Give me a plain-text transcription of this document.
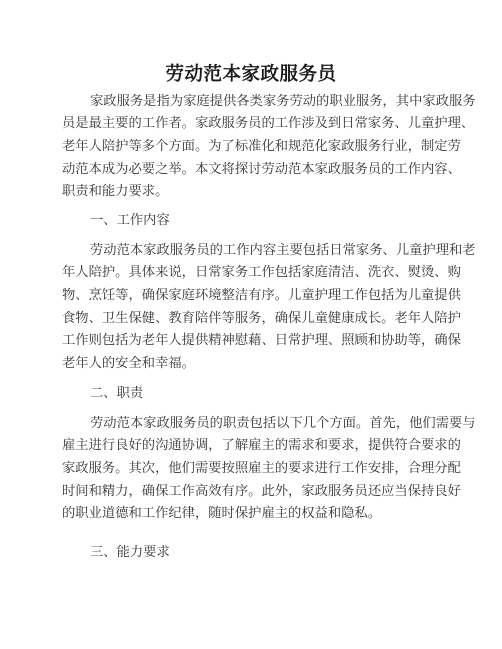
劳动范本家政服务员
家政服务是指为家庭提供各类家务劳动的职业服务，其中家政服务
员是最主要的工作者。家政服务员的工作涉及到日常家务、儿童护理、
老年人陪护等多个方面。为了标准化和规范化家政服务行业，制定劳
动范本成为必要之举。本文将探讨劳动范本家政服务员的工作内容、
职责和能力要求。
一、工作内容
劳动范本家政服务员的工作内容主要包括日常家务、儿童护理和老
年人陪护。具体来说，日常家务工作包括家庭清洁、洗衣、熨烫、购
物、烹饪等，确保家庭环境整洁有序。儿童护理工作包括为儿童提供
食物、卫生保健、教育陪伴等服务，确保儿童健康成长。老年人陪护
工作则包括为老年人提供精神慰藉、日常护理、照顾和协助等，确保
老年人的安全和幸福。
二、职责
劳动范本家政服务员的职责包括以下几个方面。首先，他们需要与
雇主进行良好的沟通协调，了解雇主的需求和要求，提供符合要求的
家政服务。其次，他们需要按照雇主的要求进行工作安排，合理分配
时间和精力，确保工作高效有序。此外，家政服务员还应当保持良好
的职业道德和工作纪律，随时保护雇主的权益和隐私。
三、能力要求
